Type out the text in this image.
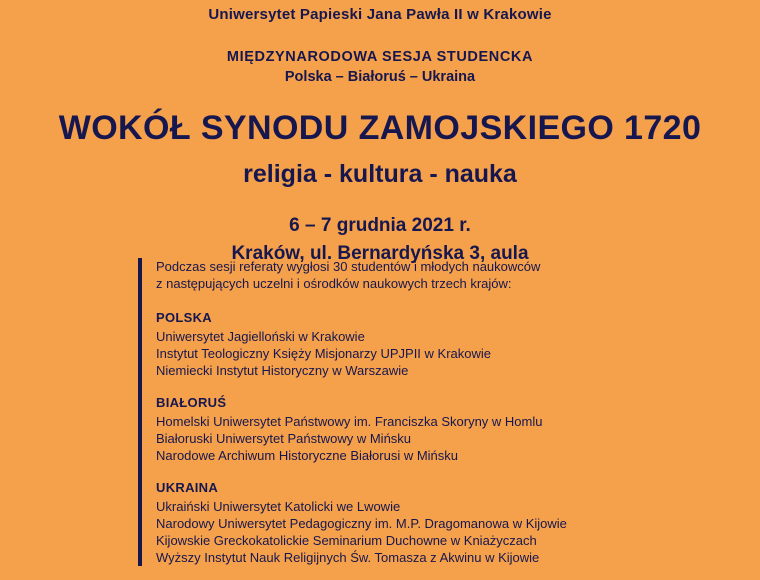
Uniwersytet Papieski Jana Pawła II w Krakowie
MIĘDZYNARODOWA SESJA STUDENCKA
Polska – Białoruś – Ukraina
WOKÓŁ SYNODU ZAMOJSKIEGO 1720
religia - kultura - nauka
6 – 7 grudnia 2021 r.
Kraków, ul. Bernardyńska 3, aula
Podczas sesji referaty wygłosi 30 studentów i młodych naukowców
z następujących uczelni i ośrodków naukowych trzech krajów:
POLSKA
Uniwersytet Jagielloński w Krakowie
Instytut Teologiczny Księży Misjonarzy UPJPII w Krakowie
Niemiecki Instytut Historyczny w Warszawie
BIAŁORUŚ
Homelski Uniwersytet Państwowy im. Franciszka Skoryny w Homlu
Białoruski Uniwersytet Państwowy w Mińsku
Narodowe Archiwum Historyczne Białorusi w Mińsku
UKRAINA
Ukraiński Uniwersytet Katolicki we Lwowie
Narodowy Uniwersytet Pedagogiczny im. M.P. Dragomanowa w Kijowie
Kijowskie Greckokatolickie Seminarium Duchowne w Kniażyczach
Wyższy Instytut Nauk Religijnych Św. Tomasza z Akwinu w Kijowie
